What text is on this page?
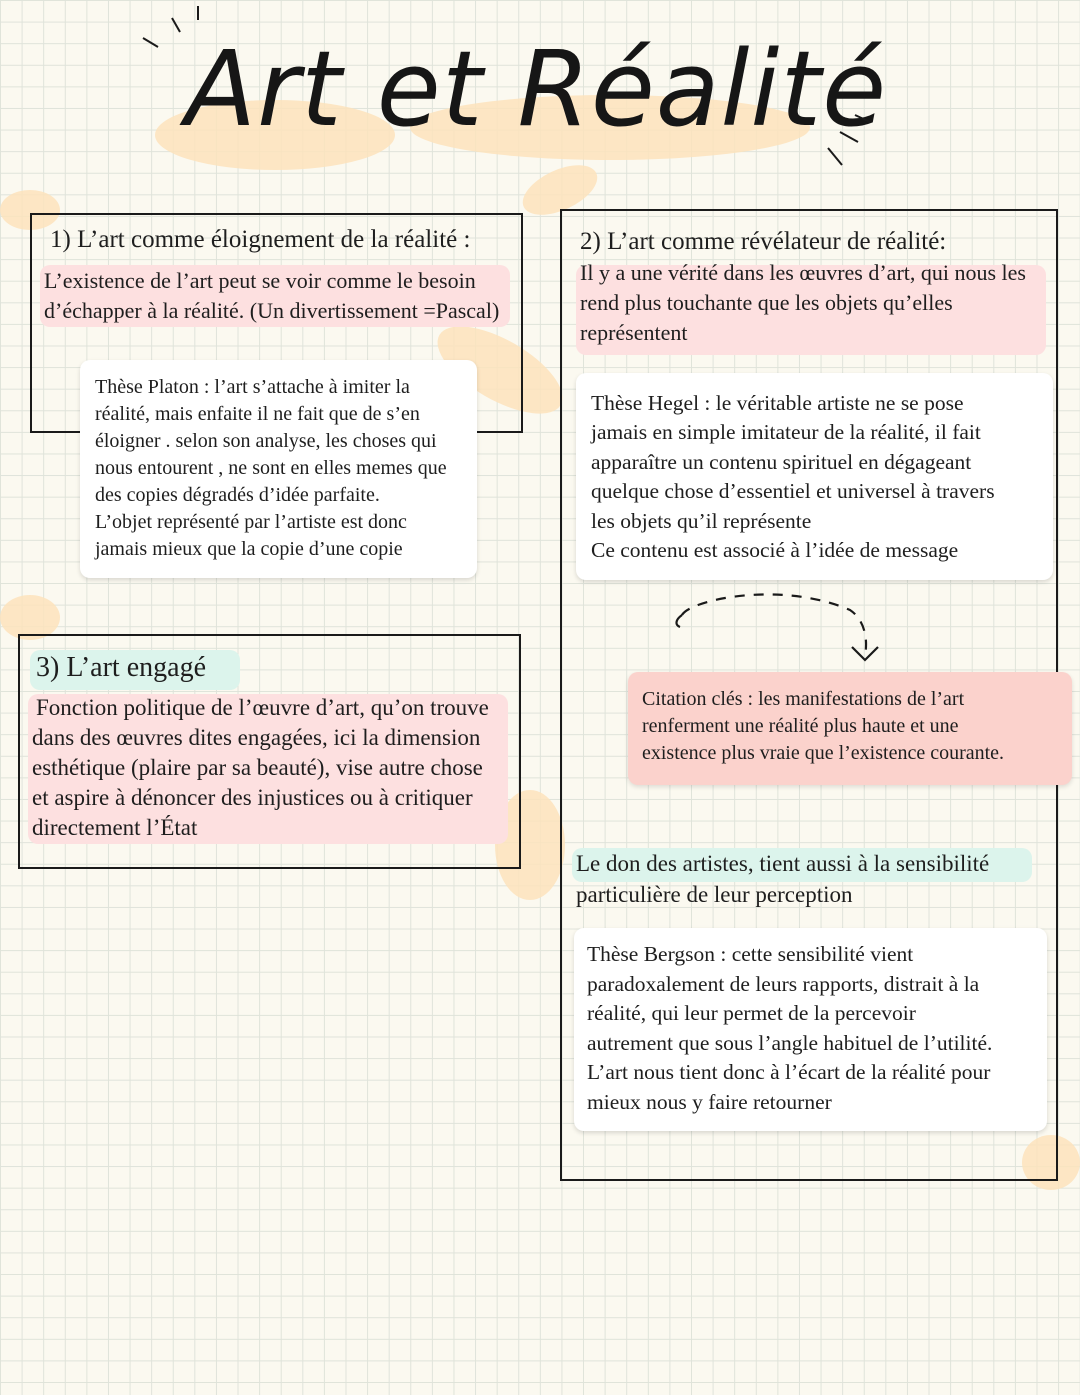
Art et Réalité

1) L’art comme éloignement de la réalité :

L’existence de l’art peut se voir comme le besoin

d’échapper à la réalité. (Un divertissement =Pascal)

Thèse Platon : l’art s’attache à imiter la

réalité, mais enfaite il ne fait que de s’en

éloigner . selon son analyse, les choses qui

nous entourent , ne sont en elles memes que

des copies dégradés d’idée parfaite.

L’objet représenté par l’artiste est donc

jamais mieux que la copie d’une copie

3) L’art engagé

Fonction politique de l’œuvre d’art, qu’on trouve

dans des œuvres dites engagées, ici la dimension

esthétique (plaire par sa beauté), vise autre chose

et aspire à dénoncer des injustices ou à critiquer

directement l’État

2) L’art comme révélateur de réalité:

Il y a une vérité dans les œuvres d’art, qui nous les

rend plus touchante que les objets qu’elles

représentent

Thèse Hegel : le véritable artiste ne se pose

jamais en simple imitateur de la réalité, il fait

apparaître un contenu spirituel en dégageant

quelque chose d’essentiel et universel à travers

les objets qu’il représente

Ce contenu est associé à l’idée de message

Citation clés : les manifestations de l’art

renferment une réalité plus haute et une

existence plus vraie que l’existence courante.

Le don des artistes, tient aussi à la sensibilité

particulière de leur perception

Thèse Bergson : cette sensibilité vient

paradoxalement de leurs rapports, distrait à la

réalité, qui leur permet de la percevoir

autrement que sous l’angle habituel de l’utilité.

L’art nous tient donc à l’écart de la réalité pour

mieux nous y faire retourner
